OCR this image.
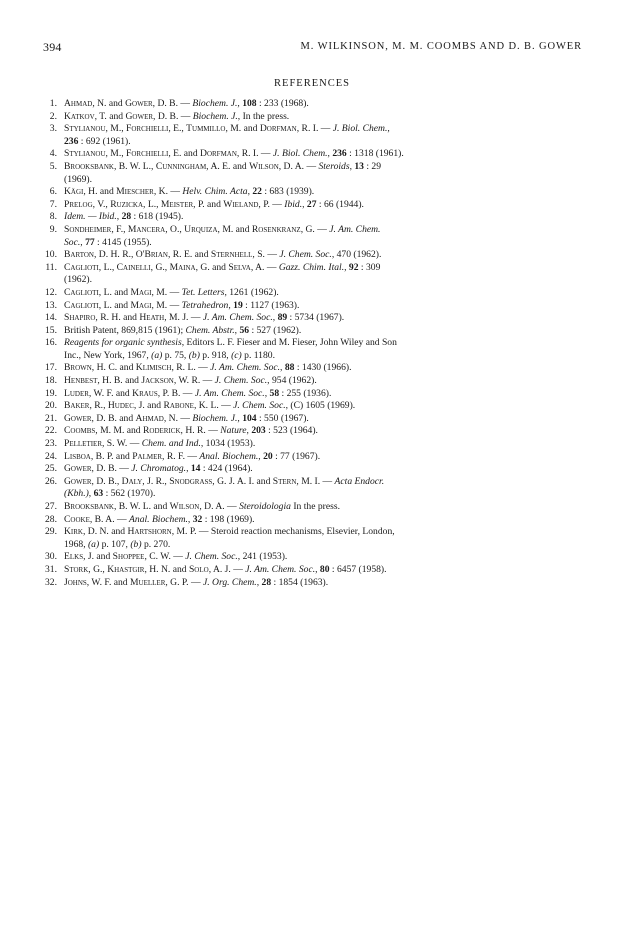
394	M. WILKINSON, M. M. COOMBS AND D. B. GOWER
REFERENCES
1. Ahmad, N. and Gower, D. B. — Biochem. J., 108 : 233 (1968).
2. Katkov, T. and Gower, D. B. — Biochem. J., In the press.
3. Stylianou, M., Forchielli, E., Tummillo, M. and Dorfman, R. I. — J. Biol. Chem.,
236 : 692 (1961).
4. Stylianou, M., Forchielli, E. and Dorfman, R. I. — J. Biol. Chem., 236 : 1318 (1961).
5. Brooksbank, B. W. L., Cunningham, A. E. and Wilson, D. A. — Steroids, 13 : 29
(1969).
6. Kägi, H. and Miescher, K. — Helv. Chim. Acta, 22 : 683 (1939).
7. Prelog, V., Ruzicka, L., Meister, P. and Wieland, P. — Ibid., 27 : 66 (1944).
8. Idem. — Ibid., 28 : 618 (1945).
9. Sondheimer, F., Mancera, O., Urquiza, M. and Rosenkranz, G. — J. Am. Chem.
Soc., 77 : 4145 (1955).
10. Barton, D. H. R., O'Brian, R. E. and Sternhell, S. — J. Chem. Soc., 470 (1962).
11. Caglioti, L., Cainelli, G., Maina, G. and Selva, A. — Gazz. Chim. Ital., 92 : 309
(1962).
12. Caglioti, L. and Magi, M. — Tet. Letters, 1261 (1962).
13. Caglioti, L. and Magi, M. — Tetrahedron, 19 : 1127 (1963).
14. Shapiro, R. H. and Heath, M. J. — J. Am. Chem. Soc., 89 : 5734 (1967).
15. British Patent, 869,815 (1961); Chem. Abstr., 56 : 527 (1962).
16. Reagents for organic synthesis, Editors L. F. Fieser and M. Fieser, John Wiley and Son
Inc., New York, 1967, (a) p. 75, (b) p. 918, (c) p. 1180.
17. Brown, H. C. and Klimisch, R. L. — J. Am. Chem. Soc., 88 : 1430 (1966).
18. Henbest, H. B. and Jackson, W. R. — J. Chem. Soc., 954 (1962).
19. Luder, W. F. and Kraus, P. B. — J. Am. Chem. Soc., 58 : 255 (1936).
20. Baker, R., Hudec, J. and Rabone, K. L. — J. Chem. Soc., (C) 1605 (1969).
21. Gower, D. B. and Ahmad, N. — Biochem. J., 104 : 550 (1967).
22. Coombs, M. M. and Roderick, H. R. — Nature, 203 : 523 (1964).
23. Pelletier, S. W. — Chem. and Ind., 1034 (1953).
24. Lisboa, B. P. and Palmer, R. F. — Anal. Biochem., 20 : 77 (1967).
25. Gower, D. B. — J. Chromatog., 14 : 424 (1964).
26. Gower, D. B., Daly, J. R., Snodgrass, G. J. A. I. and Stern, M. I. — Acta Endocr.
(Kbh.), 63 : 562 (1970).
27. Brooksbank, B. W. L. and Wilson, D. A. — Steroidologia In the press.
28. Cooke, B. A. — Anal. Biochem., 32 : 198 (1969).
29. Kirk, D. N. and Hartshorn, M. P. — Steroid reaction mechanisms, Elsevier, London,
1968, (a) p. 107, (b) p. 270.
30. Elks, J. and Shoppee, C. W. — J. Chem. Soc., 241 (1953).
31. Stork, G., Khastgir, H. N. and Solo, A. J. — J. Am. Chem. Soc., 80 : 6457 (1958).
32. Johns, W. F. and Mueller, G. P. — J. Org. Chem., 28 : 1854 (1963).
